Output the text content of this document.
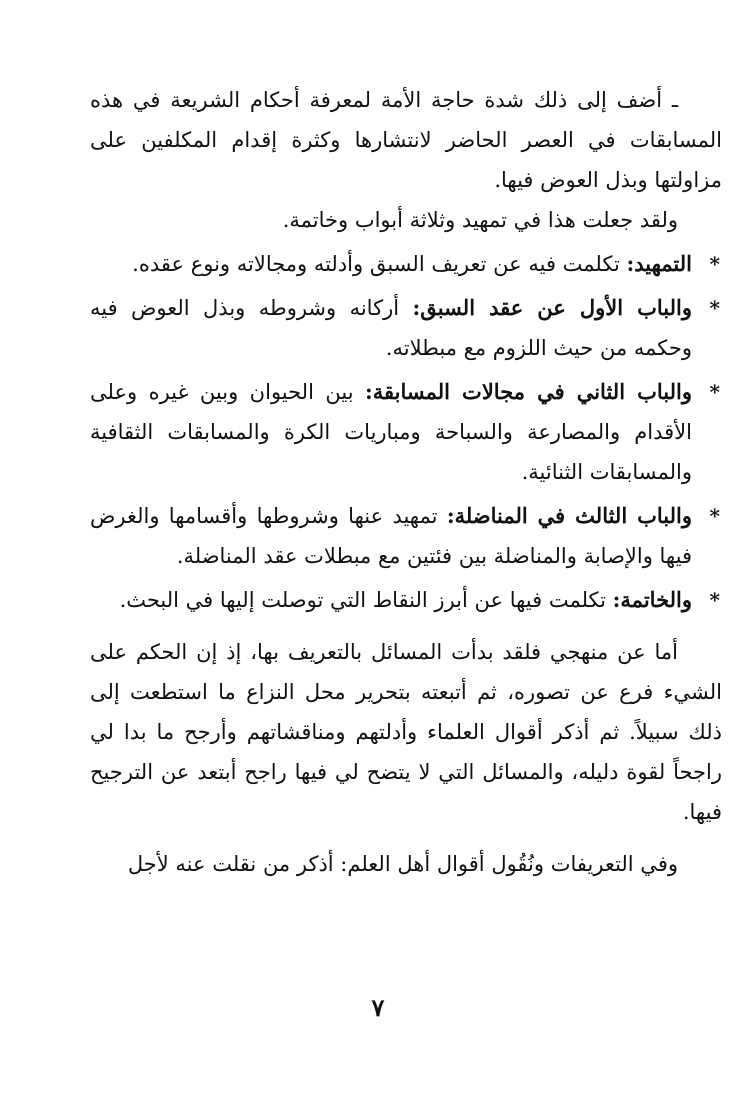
ـ أضف إلى ذلك شدة حاجة الأمة لمعرفة أحكام الشريعة في هذه المسابقات في العصر الحاضر لانتشارها وكثرة إقدام المكلفين على مزاولتها وبذل العوض فيها.

ولقد جعلت هذا في تمهيد وثلاثة أبواب وخاتمة.

*
التمهيد: تكلمت فيه عن تعريف السبق وأدلته ومجالاته ونوع عقده.
*
والباب الأول عن عقد السبق: أركانه وشروطه وبذل العوض فيه وحكمه من حيث اللزوم مع مبطلاته.
*
والباب الثاني في مجالات المسابقة: بين الحيوان وبين غيره وعلى الأقدام والمصارعة والسباحة ومباريات الكرة والمسابقات الثقافية والمسابقات الثنائية.
*
والباب الثالث في المناضلة: تمهيد عنها وشروطها وأقسامها والغرض فيها والإصابة والمناضلة بين فئتين مع مبطلات عقد المناضلة.
*
والخاتمة: تكلمت فيها عن أبرز النقاط التي توصلت إليها في البحث.

أما عن منهجي فلقد بدأت المسائل بالتعريف بها، إذ إن الحكم على الشيء فرع عن تصوره، ثم أتبعته بتحرير محل النزاع ما استطعت إلى ذلك سبيلاً. ثم أذكر أقوال العلماء وأدلتهم ومناقشاتهم وأرجح ما بدا لي راجحاً لقوة دليله، والمسائل التي لا يتضح لي فيها راجح أبتعد عن الترجيح فيها.

وفي التعريفات ونُقُول أقوال أهل العلم: أذكر من نقلت عنه لأجل

٧
